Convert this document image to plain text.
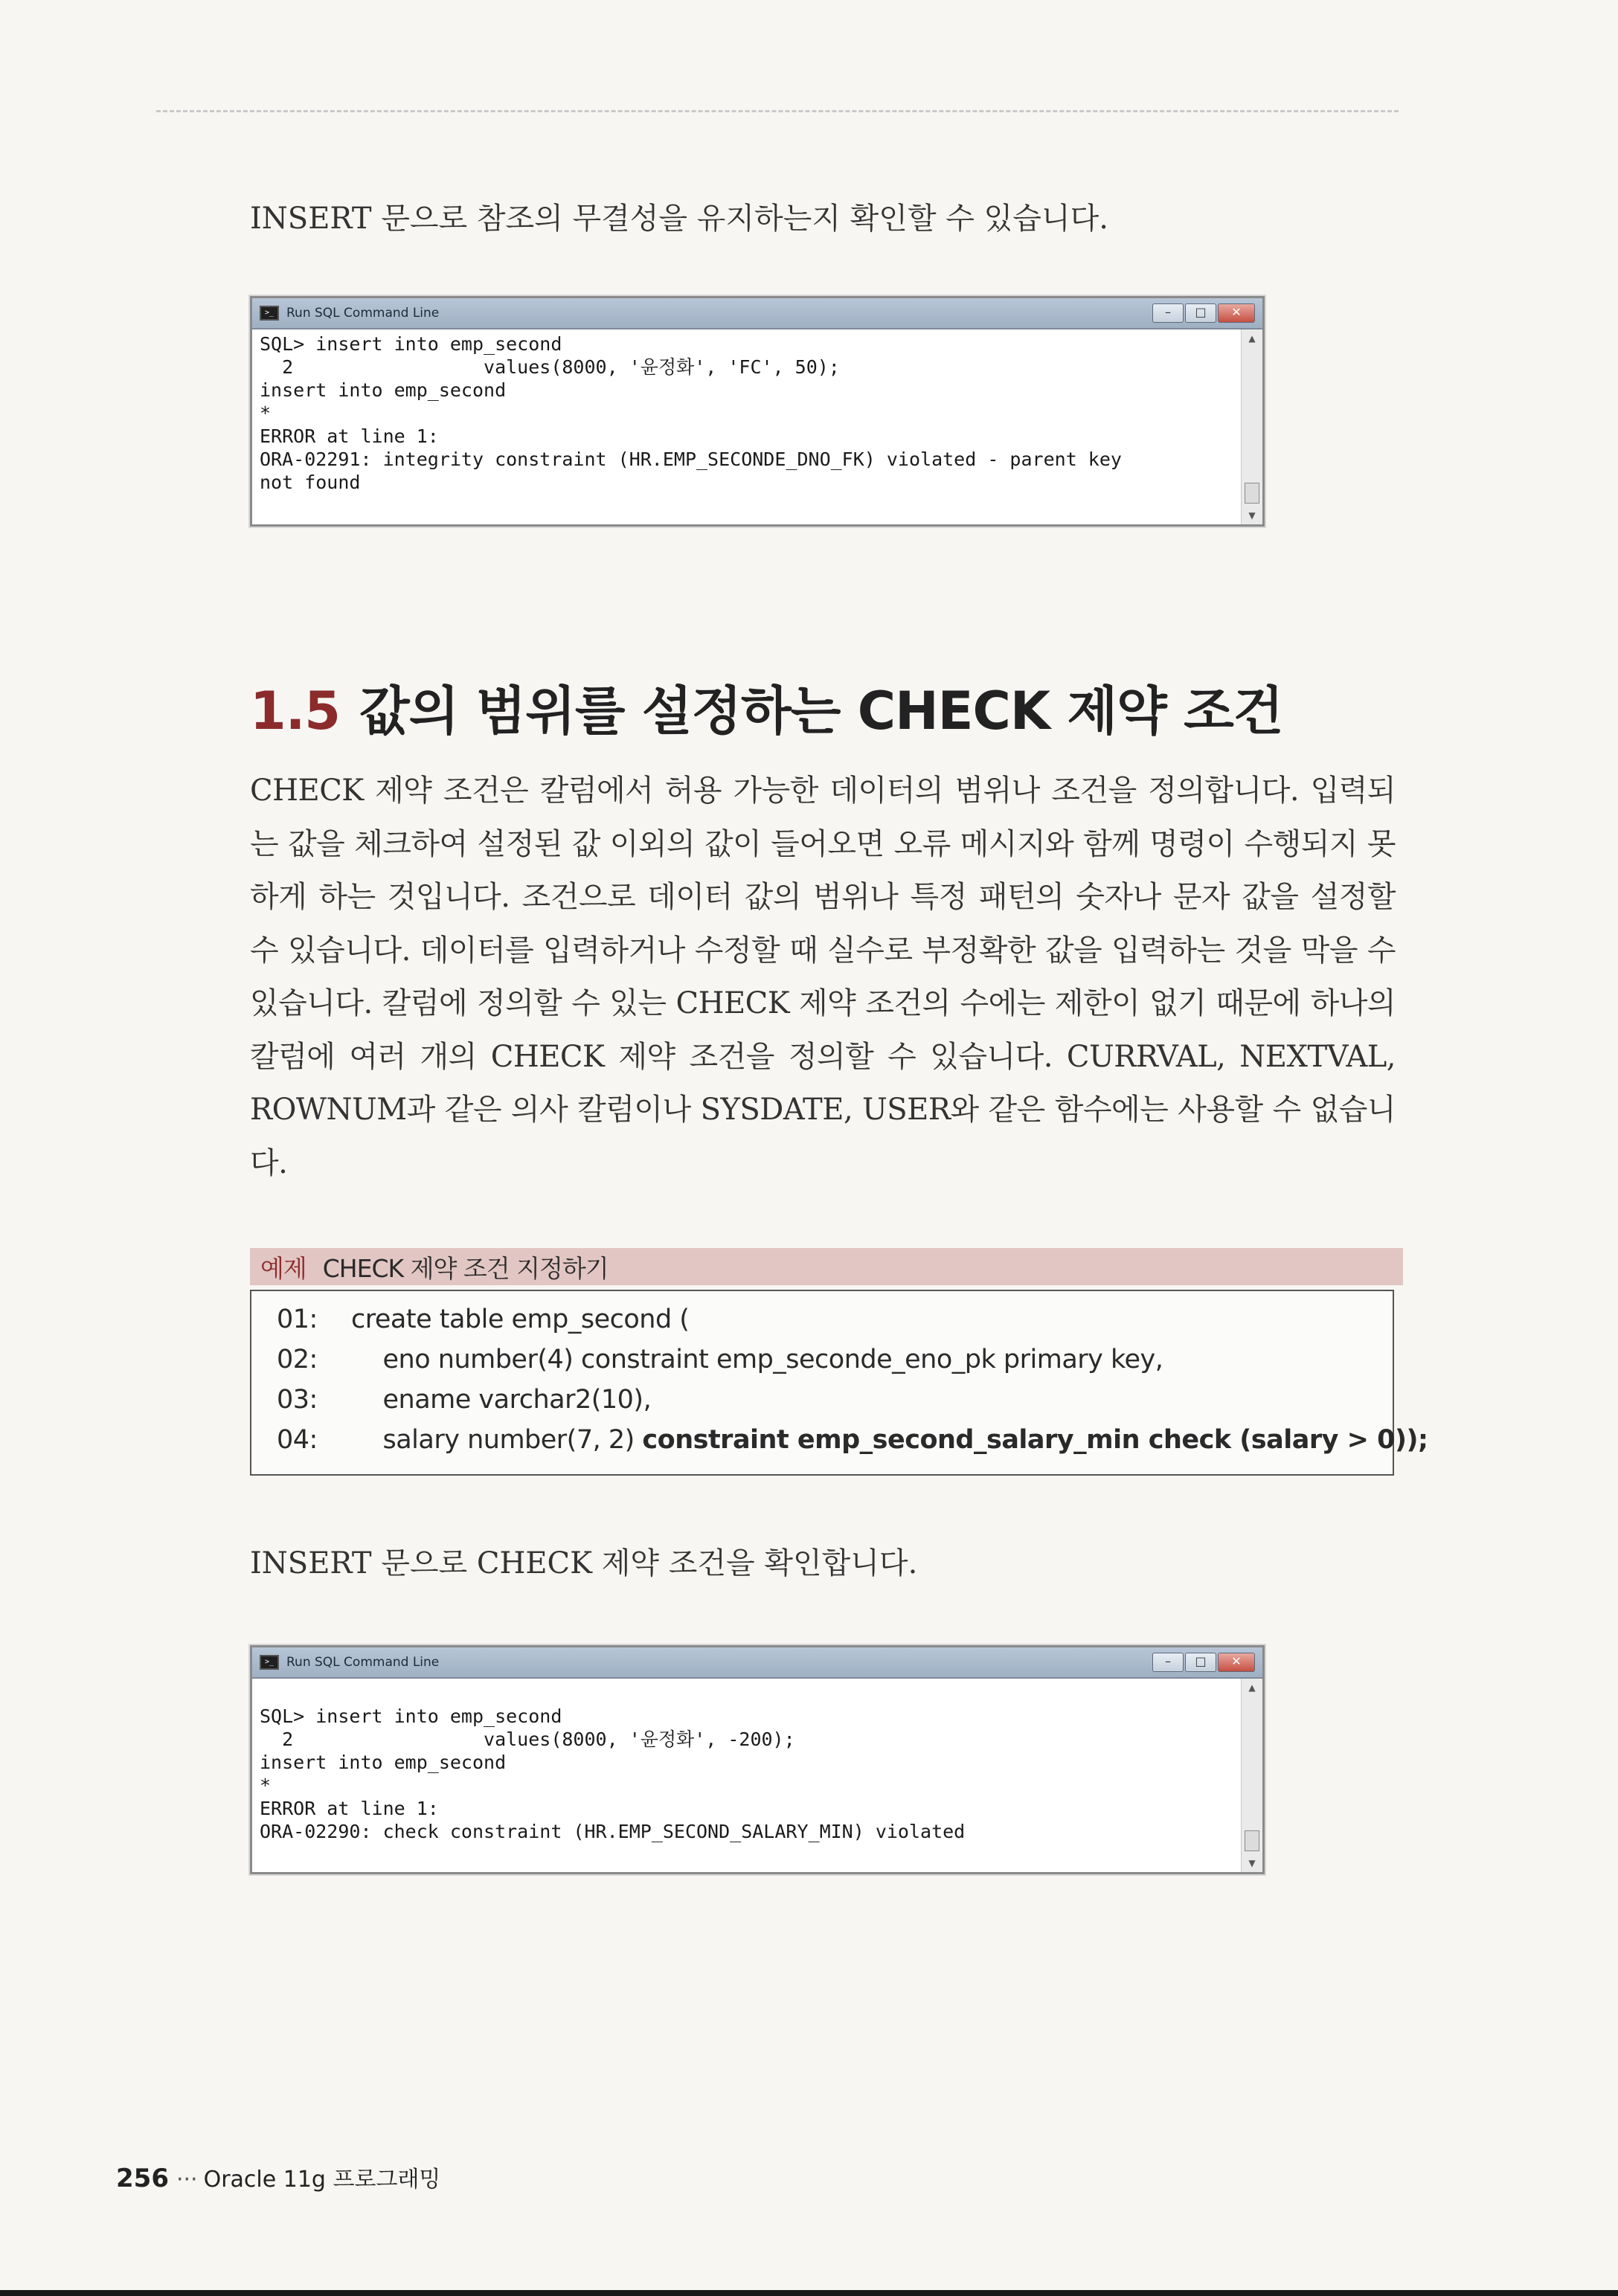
INSERT 문으로 참조의 무결성을 유지하는지 확인할 수 있습니다.

>_ Run SQL Command Line	–	□	✕
SQL> insert into emp_second
2                 values(8000, '윤정화', 'FC', 50);
insert into emp_second
*
ERROR at line 1:
ORA-02291: integrity constraint (HR.EMP_SECONDE_DNO_FK) violated - parent key
not found
▲
▼
1.5 값의 범위를 설정하는 CHECK 제약 조건

CHECK 제약 조건은 칼럼에서 허용 가능한 데이터의 범위나 조건을 정의합니다. 입력되는 값을 체크하여 설정된 값 이외의 값이 들어오면 오류 메시지와 함께 명령이 수행되지 못하게 하는 것입니다. 조건으로 데이터 값의 범위나 특정 패턴의 숫자나 문자 값을 설정할 수 있습니다. 데이터를 입력하거나 수정할 때 실수로 부정확한 값을 입력하는 것을 막을 수 있습니다. 칼럼에 정의할 수 있는 CHECK 제약 조건의 수에는 제한이 없기 때문에 하나의 칼럼에 여러 개의 CHECK 제약 조건을 정의할 수 있습니다. CURRVAL, NEXTVAL, ROWNUM과 같은 의사 칼럼이나 SYSDATE, USER와 같은 함수에는 사용할 수 없습니다.

예제 CHECK 제약 조건 지정하기
01: create table emp_second (
02:    eno number(4) constraint emp_seconde_eno_pk primary key,
03:    ename varchar2(10),
04:    salary number(7, 2) constraint emp_second_salary_min check (salary > 0));

INSERT 문으로 CHECK 제약 조건을 확인합니다.

>_ Run SQL Command Line	–	□	✕
SQL> insert into emp_second
2                 values(8000, '윤정화', -200);
insert into emp_second
*
ERROR at line 1:
ORA-02290: check constraint (HR.EMP_SECOND_SALARY_MIN) violated
▲
▼
256 ··· Oracle 11g 프로그래밍
